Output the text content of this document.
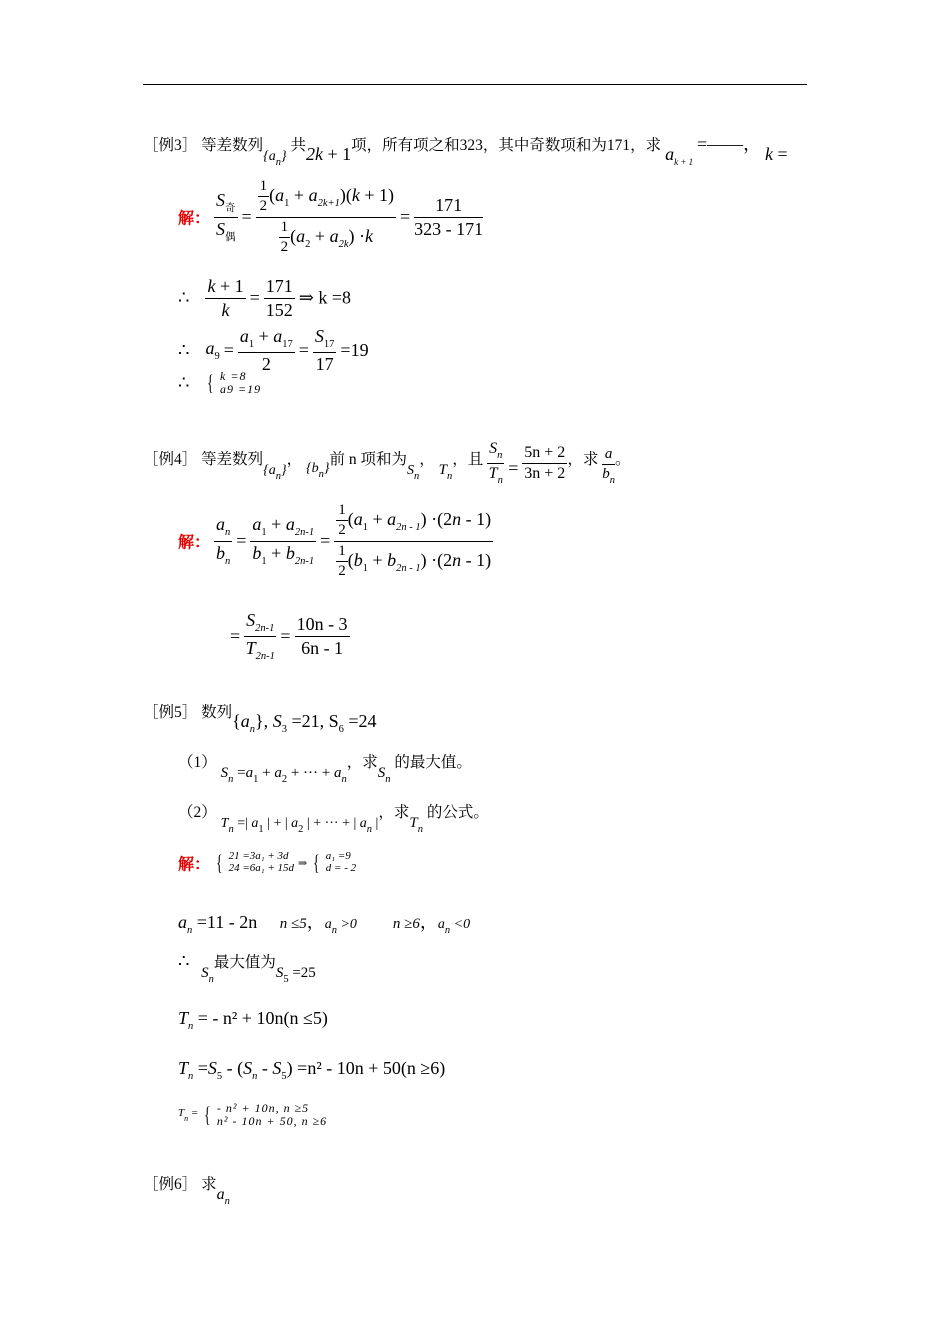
［例3］ 等差数列$\{a_n\}$ 共2k + 1项，所有项之和323，其中奇数项和为171，求 $a_{k + 1}$ =——， k =
解： $\frac{S_奇}{S_偶} = \frac{\frac{1}{2} (a_1 + a_{2k+1})(k + 1)}{\frac{1}{2} (a_2 + a_{2k}) \cdot k} = \frac{171}{323 - 171}$
∴ $\frac{k + 1}{k} = \frac{171}{152}$ ⇒ k =8
∴ $a_9 = \frac{a_1 + a_{17}}{2} = \frac{S_{17}}{17} =19$
∴ { k =8
a9 =19
［例4］ 等差数列$\{a_n\}$， $\{b_n\}$前 n 项和为$S_n$， $T_n$，且 $\frac{S_n}{T_n} = \frac{5n + 2}{3n + 2}$ ，求 $\frac{a}{b_n}$ 。
解： $\frac{a_n}{b_n} = \frac{a_1 + a_{2n-1}}{b_1 + b_{2n-1}} = \frac{\frac{1}{2} (a_1 + a_{2n - 1}) \cdot(2n - 1)}{\frac{1}{2} (b_1 + b_{2n - 1}) \cdot(2n - 1)}$
= $\frac{S_{2n-1}}{T_{2n-1}} = \frac{10n - 3}{6n - 1}$
［例5］ 数列$\{a_n\}$, $S_3 =21$, $S_6 =24$
（1） $S_n =a_1 + a_2$ + ··· + $a_n$，求$S_n$ 的最大值。
（2） $T_n$ =| $a_1$ | + | $a_2$ | + ··· + | $a_n$ |，求$T_n$ 的公式。
解： { 21 =3a₁ + 3d
24 =6a₁ + 15d ⇒ { a₁ =9
d = - 2
$a_n =11 - 2n$ n ≤5，$a_n >0$ n ≥6，$a_n <0$
∴   $S_n$最大值为$S_5 =25$
$T_n$ = - n² + 10n(n ≤5)
$T_n =S_5 - (S_n - S_5) =n^2 - 10n + 50(n \ge 6)$
$T_n$ = { - n² + 10n, n ≥5
n² - 10n + 50, n ≥6
［例6］ 求$a_n$
